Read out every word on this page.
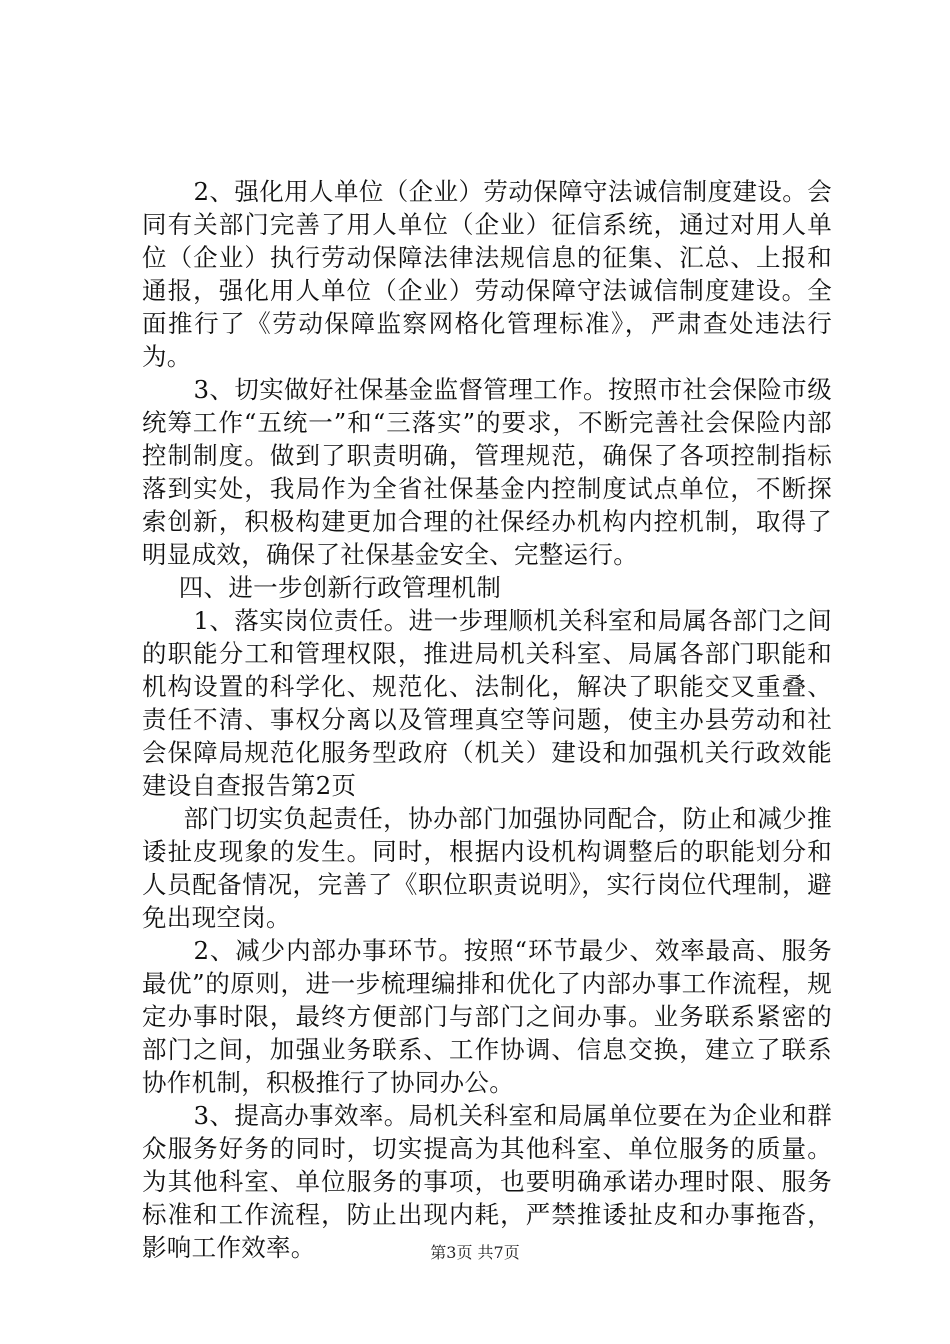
2、强化用人单位（企业）劳动保障守法诚信制度建设。会同有关部门完善了用人单位（企业）征信系统，通过对用人单位（企业）执行劳动保障法律法规信息的征集、汇总、上报和通报，强化用人单位（企业）劳动保障守法诚信制度建设。全面推行了《劳动保障监察网格化管理标准》，严肃查处违法行为。

3、切实做好社保基金监督管理工作。按照市社会保险市级统筹工作“五统一”和“三落实”的要求，不断完善社会保险内部控制制度。做到了职责明确，管理规范，确保了各项控制指标落到实处，我局作为全省社保基金内控制度试点单位，不断探索创新，积极构建更加合理的社保经办机构内控机制，取得了明显成效，确保了社保基金安全、完整运行。

四、进一步创新行政管理机制

1、落实岗位责任。进一步理顺机关科室和局属各部门之间的职能分工和管理权限，推进局机关科室、局属各部门职能和机构设置的科学化、规范化、法制化，解决了职能交叉重叠、责任不清、事权分离以及管理真空等问题，使主办县劳动和社会保障局规范化服务型政府（机关）建设和加强机关行政效能建设自查报告第2页

部门切实负起责任，协办部门加强协同配合，防止和减少推诿扯皮现象的发生。同时，根据内设机构调整后的职能划分和人员配备情况，完善了《职位职责说明》，实行岗位代理制，避免出现空岗。

2、减少内部办事环节。按照“环节最少、效率最高、服务最优”的原则，进一步梳理编排和优化了内部办事工作流程，规定办事时限，最终方便部门与部门之间办事。业务联系紧密的部门之间，加强业务联系、工作协调、信息交换，建立了联系协作机制，积极推行了协同办公。

3、提高办事效率。局机关科室和局属单位要在为企业和群众服务好务的同时，切实提高为其他科室、单位服务的质量。为其他科室、单位服务的事项，也要明确承诺办理时限、服务标准和工作流程，防止出现内耗，严禁推诿扯皮和办事拖沓，影响工作效率。	第3页 共7页
